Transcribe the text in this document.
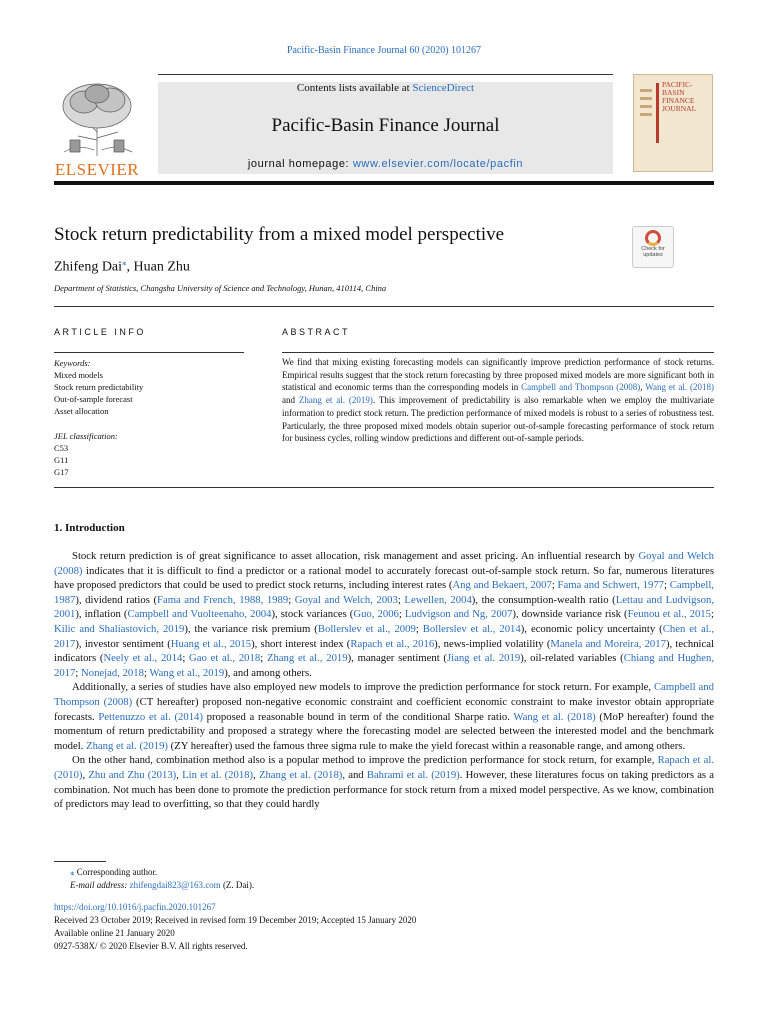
Pacific-Basin Finance Journal 60 (2020) 101267
ELSEVIER
Contents lists available at ScienceDirect
Pacific-Basin Finance Journal
journal homepage: www.elsevier.com/locate/pacfin
PACIFIC-
BASIN
FINANCE
JOURNAL
Stock return predictability from a mixed model perspective
Check for updates
Zhifeng Dai⁎, Huan Zhu
Department of Statistics, Changsha University of Science and Technology, Hunan, 410114, China
ARTICLE INFO	ABSTRACT
Keywords:
Mixed models
Stock return predictability
Out-of-sample forecast
Asset allocation
JEL classification:
C53
G11
G17
We find that mixing existing forecasting models can significantly improve prediction performance of stock returns. Empirical results suggest that the stock return forecasting by three proposed mixed models are more significant both in statistical and economic terms than the corresponding models in Campbell and Thompson (2008), Wang et al. (2018) and Zhang et al. (2019). This improvement of predictability is also remarkable when we employ the multivariate information to predict stock return. The prediction performance of mixed models is robust to a series of robustness test. Particularly, the three proposed mixed models obtain superior out-of-sample forecasting performance of stock return for business cycles, rolling window predictions and different out-of-sample periods.
1. Introduction

Stock return prediction is of great significance to asset allocation, risk management and asset pricing. An influential research by Goyal and Welch (2008) indicates that it is difficult to find a predictor or a rational model to accurately forecast out-of-sample stock return. So far, numerous literatures have proposed predictors that could be used to predict stock returns, including interest rates (Ang and Bekaert, 2007; Fama and Schwert, 1977; Campbell, 1987), dividend ratios (Fama and French, 1988, 1989; Goyal and Welch, 2003; Lewellen, 2004), the consumption-wealth ratio (Lettau and Ludvigson, 2001), inflation (Campbell and Vuolteenaho, 2004), stock variances (Guo, 2006; Ludvigson and Ng, 2007), downside variance risk (Feunou et al., 2015; Kilic and Shaliastovich, 2019), the variance risk premium (Bollerslev et al., 2009; Bollerslev et al., 2014), economic policy uncertainty (Chen et al., 2017), investor sentiment (Huang et al., 2015), short interest index (Rapach et al., 2016), news-implied volatility (Manela and Moreira, 2017), technical indicators (Neely et al., 2014; Gao et al., 2018; Zhang et al., 2019), manager sentiment (Jiang et al. 2019), oil-related variables (Chiang and Hughen, 2017; Nonejad, 2018; Wang et al., 2019), and among others.

Additionally, a series of studies have also employed new models to improve the prediction performance for stock return. For example, Campbell and Thompson (2008) (CT hereafter) proposed non-negative economic constraint and coefficient economic constraint to make investor obtain appropriate forecasts. Pettenuzzo et al. (2014) proposed a reasonable bound in term of the conditional Sharpe ratio. Wang et al. (2018) (MoP hereafter) found the momentum of return predictability and proposed a strategy where the forecasting model are selected between the interested model and the benchmark model. Zhang et al. (2019) (ZY hereafter) used the famous three sigma rule to make the yield forecast within a reasonable range, and among others.

On the other hand, combination method also is a popular method to improve the prediction performance for stock return, for example, Rapach et al. (2010), Zhu and Zhu (2013), Lin et al. (2018), Zhang et al. (2018), and Bahrami et al. (2019). However, these literatures focus on taking predictors as a combination. Not much has been done to promote the prediction performance for stock return from a mixed model perspective. As we know, combination of predictors may lead to overfitting, so that they could hardly

⁎ Corresponding author.
E-mail address: zhifengdai823@163.com (Z. Dai).
https://doi.org/10.1016/j.pacfin.2020.101267
Received 23 October 2019; Received in revised form 19 December 2019; Accepted 15 January 2020
Available online 21 January 2020
0927-538X/ © 2020 Elsevier B.V. All rights reserved.
